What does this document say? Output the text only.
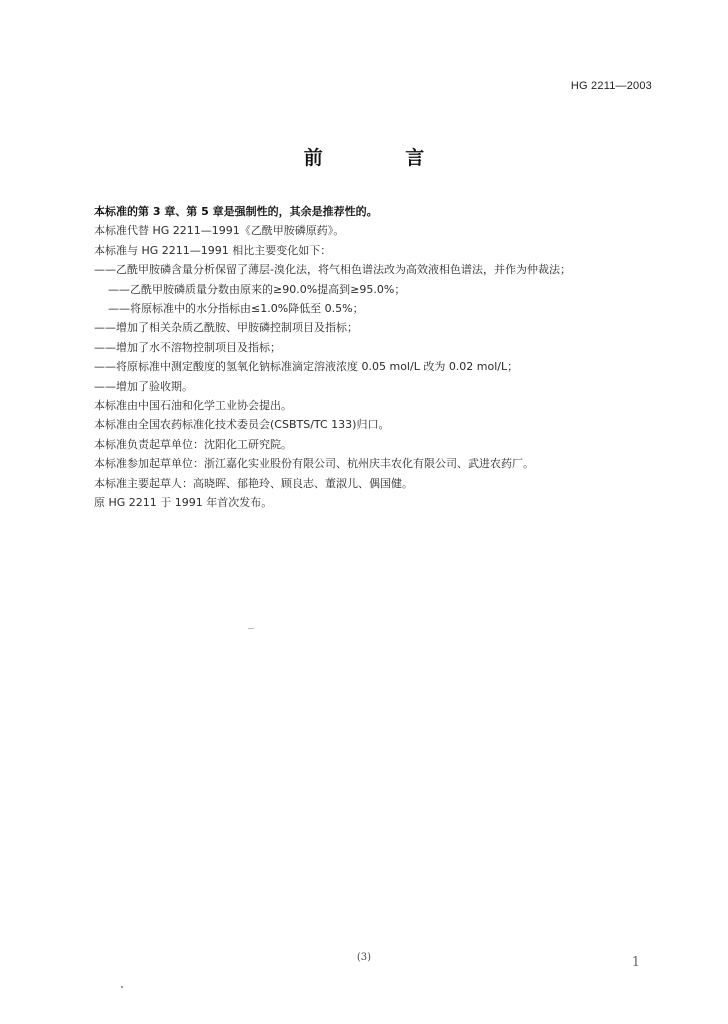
HG 2211—2003
前 言
本标准的第 3 章、第 5 章是强制性的，其余是推荐性的。
本标准代替 HG 2211—1991《乙酰甲胺磷原药》。
本标准与 HG 2211—1991 相比主要变化如下：
——乙酰甲胺磷含量分析保留了薄层-溴化法，将气相色谱法改为高效液相色谱法，并作为仲裁法；
——乙酰甲胺磷质量分数由原来的≥90.0%提高到≥95.0%；
——将原标准中的水分指标由≤1.0%降低至 0.5%；
——增加了相关杂质乙酰胺、甲胺磷控制项目及指标；
——增加了水不溶物控制项目及指标；
——将原标准中测定酸度的氢氧化钠标准滴定溶液浓度 0.05 mol/L 改为 0.02 mol/L；
——增加了验收期。
本标准由中国石油和化学工业协会提出。
本标准由全国农药标准化技术委员会(CSBTS/TC 133)归口。
本标准负责起草单位：沈阳化工研究院。
本标准参加起草单位：浙江嘉化实业股份有限公司、杭州庆丰农化有限公司、武进农药厂。
本标准主要起草人：高晓晖、郁艳玲、顾良志、董淑儿、偶国健。
原 HG 2211 于 1991 年首次发布。
(3)	1
